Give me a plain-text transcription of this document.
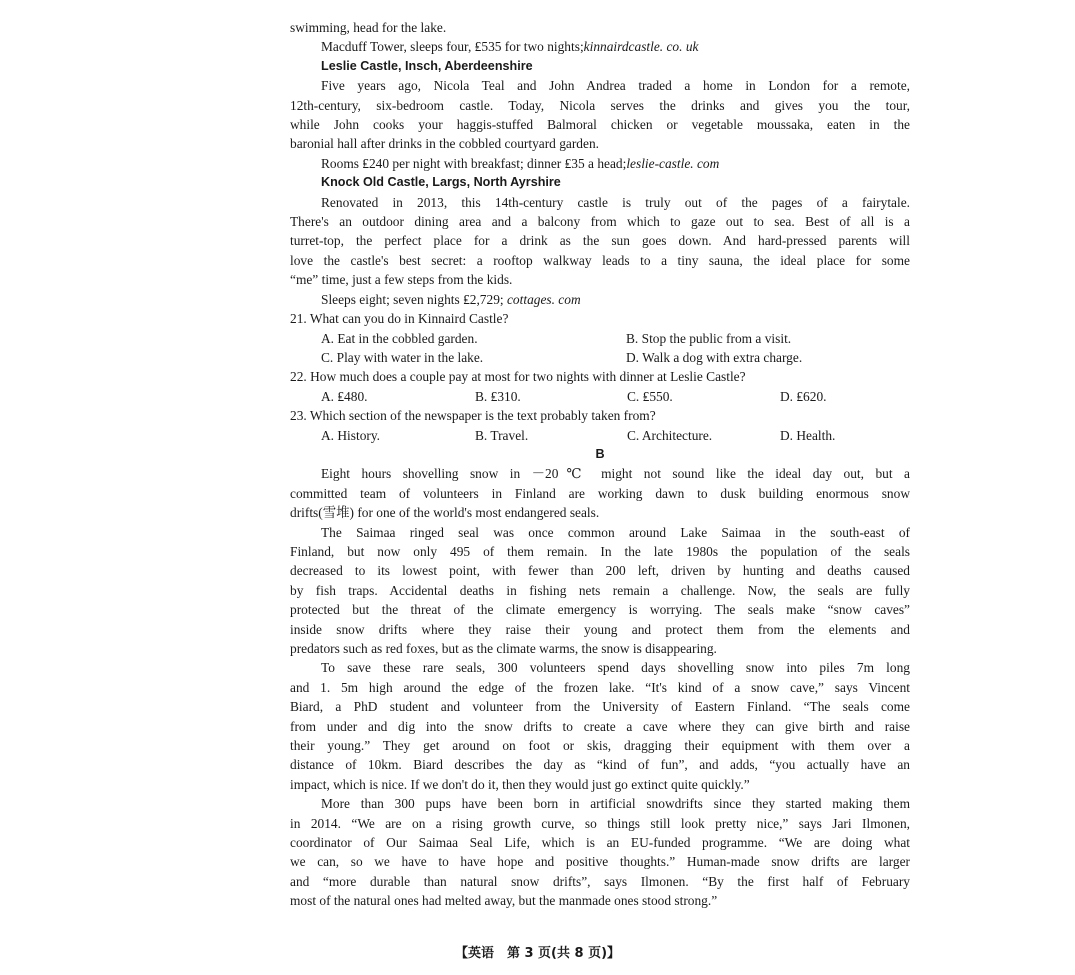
swimming, head for the lake.
Macduff Tower, sleeps four, ₤535 for two nights;kinnairdcastle. co. uk
Leslie Castle, Insch, Aberdeenshire
Five years ago, Nicola Teal and John Andrea traded a home in London for a remote,
12th-century, six-bedroom castle. Today, Nicola serves the drinks and gives you the tour,
while John cooks your haggis-stuffed Balmoral chicken or vegetable moussaka, eaten in the
baronial hall after drinks in the cobbled courtyard garden.
Rooms ₤240 per night with breakfast; dinner ₤35 a head;leslie-castle. com
Knock Old Castle, Largs, North Ayrshire
Renovated in 2013, this 14th-century castle is truly out of the pages of a fairytale.
There's an outdoor dining area and a balcony from which to gaze out to sea. Best of all is a
turret-top, the perfect place for a drink as the sun goes down. And hard-pressed parents will
love the castle's best secret: a rooftop walkway leads to a tiny sauna, the ideal place for some
“me” time, just a few steps from the kids.
Sleeps eight; seven nights ₤2,729; cottages. com
21. What can you do in Kinnaird Castle?
A. Eat in the cobbled garden.	B. Stop the public from a visit.
C. Play with water in the lake.	D. Walk a dog with extra charge.
22. How much does a couple pay at most for two nights with dinner at Leslie Castle?
A. ₤480.	B. ₤310.	C. ₤550.	D. ₤620.
23. Which section of the newspaper is the text probably taken from?
A. History.	B. Travel.	C. Architecture.	D. Health.
B
Eight hours shovelling snow in －20℃ might not sound like the ideal day out, but a
committed team of volunteers in Finland are working dawn to dusk building enormous snow
drifts(雪堆) for one of the world's most endangered seals.
The Saimaa ringed seal was once common around Lake Saimaa in the south-east of
Finland, but now only 495 of them remain. In the late 1980s the population of the seals
decreased to its lowest point, with fewer than 200 left, driven by hunting and deaths caused
by fish traps. Accidental deaths in fishing nets remain a challenge. Now, the seals are fully
protected but the threat of the climate emergency is worrying. The seals make “snow caves”
inside snow drifts where they raise their young and protect them from the elements and
predators such as red foxes, but as the climate warms, the snow is disappearing.
To save these rare seals, 300 volunteers spend days shovelling snow into piles 7m long
and 1. 5m high around the edge of the frozen lake. “It's kind of a snow cave,” says Vincent
Biard, a PhD student and volunteer from the University of Eastern Finland. “The seals come
from under and dig into the snow drifts to create a cave where they can give birth and raise
their young.” They get around on foot or skis, dragging their equipment with them over a
distance of 10km. Biard describes the day as “kind of fun”, and adds, “you actually have an
impact, which is nice. If we don't do it, then they would just go extinct quite quickly.”
More than 300 pups have been born in artificial snowdrifts since they started making them
in 2014. “We are on a rising growth curve, so things still look pretty nice,” says Jari Ilmonen,
coordinator of Our Saimaa Seal Life, which is an EU-funded programme. “We are doing what
we can, so we have to have hope and positive thoughts.” Human-made snow drifts are larger
and “more durable than natural snow drifts”, says Ilmonen. “By the first half of February
most of the natural ones had melted away, but the manmade ones stood strong.”
【英语　第 3 页(共 8 页)】
